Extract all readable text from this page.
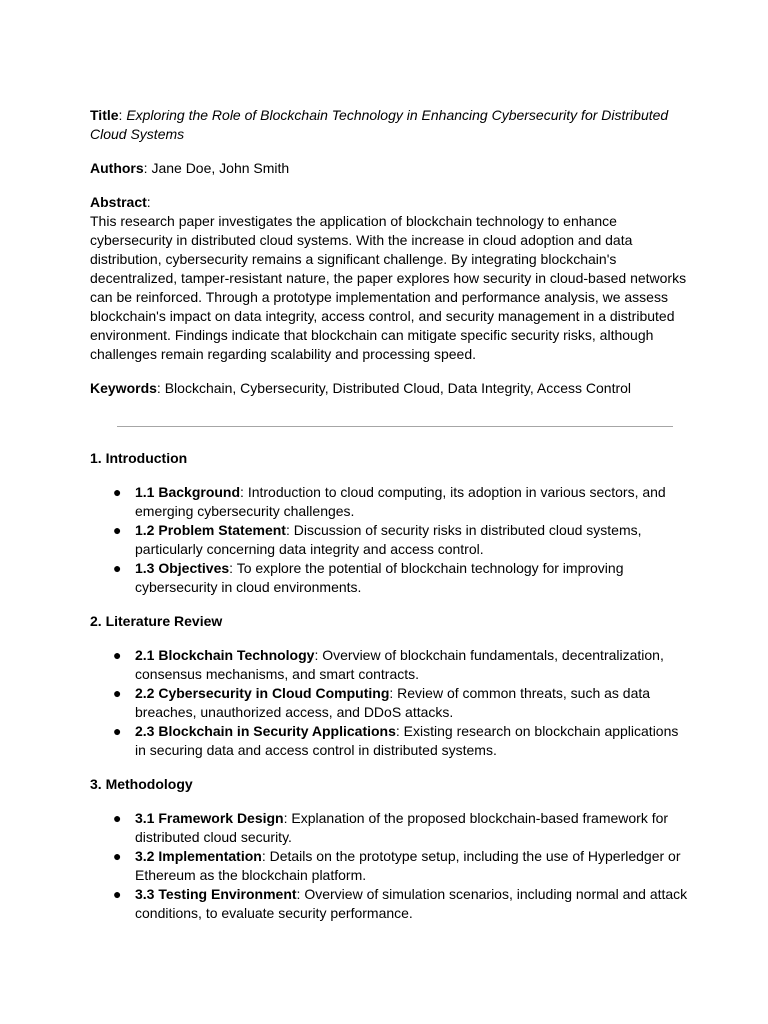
Title: Exploring the Role of Blockchain Technology in Enhancing Cybersecurity for Distributed Cloud Systems

Authors: Jane Doe, John Smith

Abstract:

This research paper investigates the application of blockchain technology to enhance cybersecurity in distributed cloud systems. With the increase in cloud adoption and data distribution, cybersecurity remains a significant challenge. By integrating blockchain's decentralized, tamper-resistant nature, the paper explores how security in cloud-based networks can be reinforced. Through a prototype implementation and performance analysis, we assess blockchain's impact on data integrity, access control, and security management in a distributed environment. Findings indicate that blockchain can mitigate specific security risks, although challenges remain regarding scalability and processing speed.

Keywords: Blockchain, Cybersecurity, Distributed Cloud, Data Integrity, Access Control

1. Introduction

● 1.1 Background: Introduction to cloud computing, its adoption in various sectors, and emerging cybersecurity challenges.
● 1.2 Problem Statement: Discussion of security risks in distributed cloud systems, particularly concerning data integrity and access control.
● 1.3 Objectives: To explore the potential of blockchain technology for improving cybersecurity in cloud environments.

2. Literature Review

● 2.1 Blockchain Technology: Overview of blockchain fundamentals, decentralization, consensus mechanisms, and smart contracts.
● 2.2 Cybersecurity in Cloud Computing: Review of common threats, such as data breaches, unauthorized access, and DDoS attacks.
● 2.3 Blockchain in Security Applications: Existing research on blockchain applications in securing data and access control in distributed systems.

3. Methodology

● 3.1 Framework Design: Explanation of the proposed blockchain-based framework for distributed cloud security.
● 3.2 Implementation: Details on the prototype setup, including the use of Hyperledger or Ethereum as the blockchain platform.
● 3.3 Testing Environment: Overview of simulation scenarios, including normal and attack conditions, to evaluate security performance.
